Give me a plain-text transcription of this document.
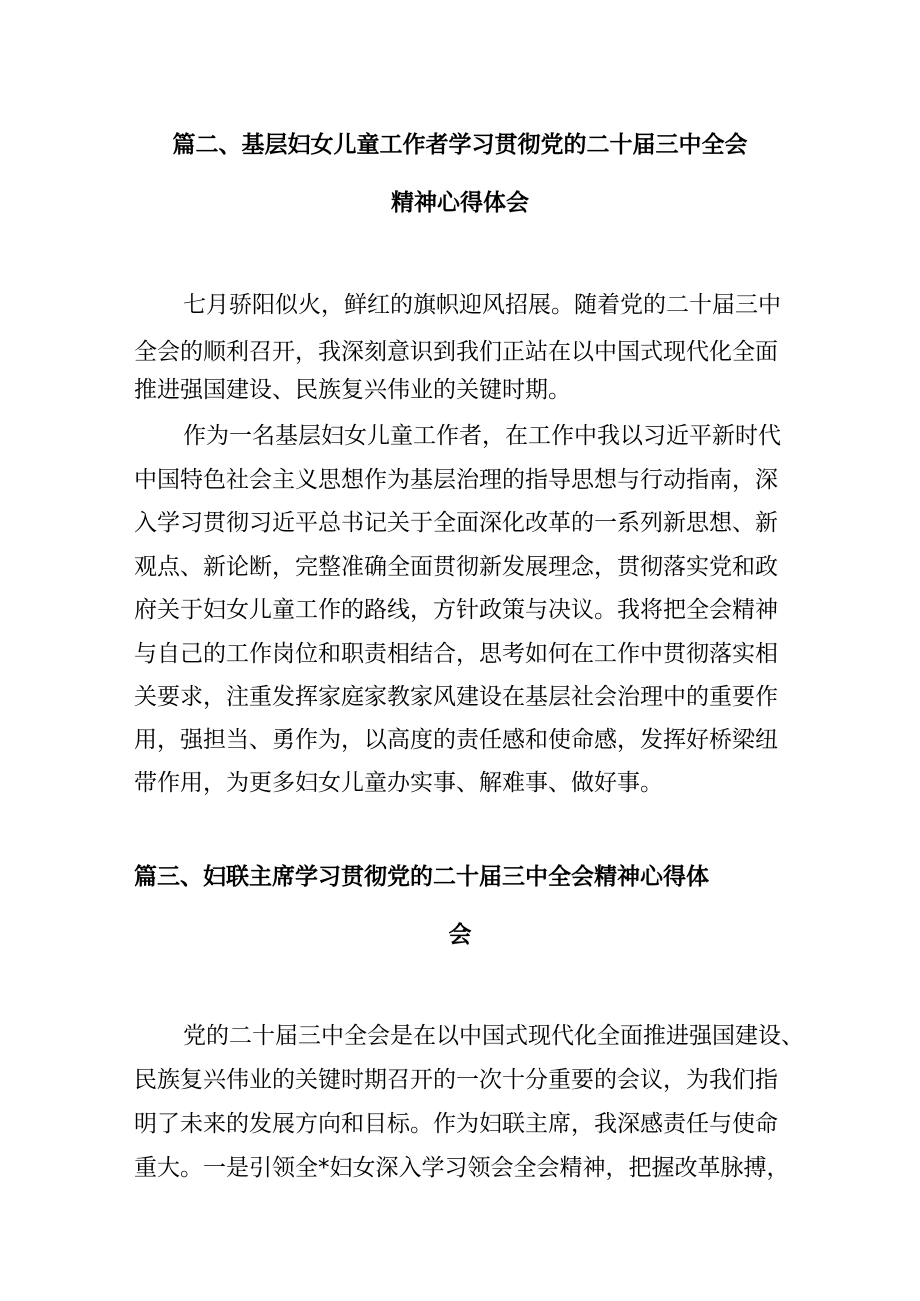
篇二、基层妇女儿童工作者学习贯彻党的二十届三中全会
精神心得体会

七月骄阳似火，鲜红的旗帜迎风招展。随着党的二十届三中

全会的顺利召开，我深刻意识到我们正站在以中国式现代化全面

推进强国建设、民族复兴伟业的关键时期。

作为一名基层妇女儿童工作者，在工作中我以习近平新时代

中国特色社会主义思想作为基层治理的指导思想与行动指南，深

入学习贯彻习近平总书记关于全面深化改革的一系列新思想、新

观点、新论断，完整准确全面贯彻新发展理念，贯彻落实党和政

府关于妇女儿童工作的路线，方针政策与决议。我将把全会精神

与自己的工作岗位和职责相结合，思考如何在工作中贯彻落实相

关要求，注重发挥家庭家教家风建设在基层社会治理中的重要作

用，强担当、勇作为，以高度的责任感和使命感，发挥好桥梁纽

带作用，为更多妇女儿童办实事、解难事、做好事。

篇三、妇联主席学习贯彻党的二十届三中全会精神心得体
会

党的二十届三中全会是在以中国式现代化全面推进强国建设、

民族复兴伟业的关键时期召开的一次十分重要的会议，为我们指

明了未来的发展方向和目标。作为妇联主席，我深感责任与使命

重大。一是引领全*妇女深入学习领会全会精神，把握改革脉搏，
